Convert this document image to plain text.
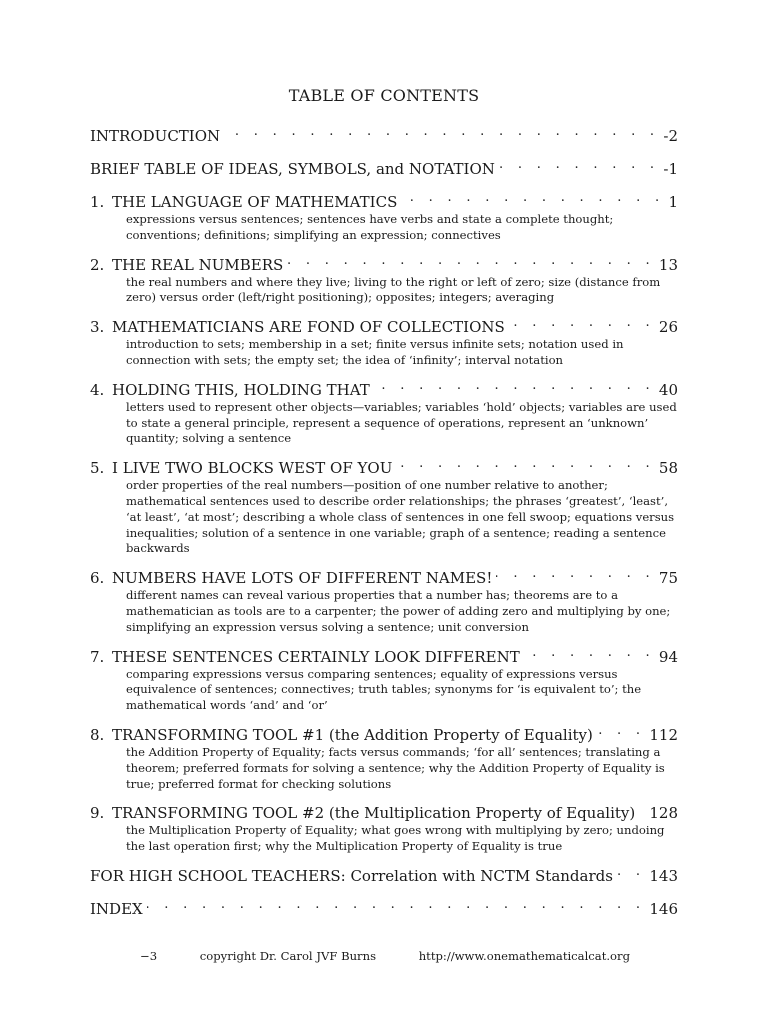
TABLE OF CONTENTS
INTRODUCTION . . .	-2
BRIEF TABLE OF IDEAS, SYMBOLS, and NOTATION . . .	-1
1. THE LANGUAGE OF MATHEMATICS . . .	1
expressions versus sentences; sentences have verbs and state a complete thought; conventions; definitions; simplifying an expression; connectives
2. THE REAL NUMBERS . . .	13
the real numbers and where they live; living to the right or left of zero; size (distance from zero) versus order (left/right positioning); opposites; integers; averaging
3. MATHEMATICIANS ARE FOND OF COLLECTIONS . . .	26
introduction to sets; membership in a set; finite versus infinite sets; notation used in connection with sets; the empty set; the idea of ‘infinity’; interval notation
4. HOLDING THIS, HOLDING THAT . . .	40
letters used to represent other objects—variables; variables ‘hold’ objects; variables are used to state a general principle, represent a sequence of operations, represent an ‘unknown’ quantity; solving a sentence
5. I LIVE TWO BLOCKS WEST OF YOU . . .	58
order properties of the real numbers—position of one number relative to another; mathematical sentences used to describe order relationships; the phrases ‘greatest’, ‘least’, ‘at least’, ‘at most’; describing a whole class of sentences in one fell swoop; equations versus inequalities; solution of a sentence in one variable; graph of a sentence; reading a sentence backwards
6. NUMBERS HAVE LOTS OF DIFFERENT NAMES! . . .	75
different names can reveal various properties that a number has; theorems are to a mathematician as tools are to a carpenter; the power of adding zero and multiplying by one; simplifying an expression versus solving a sentence; unit conversion
7. THESE SENTENCES CERTAINLY LOOK DIFFERENT . . .	94
comparing expressions versus comparing sentences; equality of expressions versus equivalence of sentences; connectives; truth tables; synonyms for ‘is equivalent to’; the mathematical words ‘and’ and ‘or’
8. TRANSFORMING TOOL #1 (the Addition Property of Equality) . . .	112
the Addition Property of Equality; facts versus commands; ‘for all’ sentences; translating a theorem; preferred formats for solving a sentence; why the Addition Property of Equality is true; preferred format for checking solutions
9. TRANSFORMING TOOL #2 (the Multiplication Property of Equality) . . . 128
the Multiplication Property of Equality; what goes wrong with multiplying by zero; undoing the last operation first; why the Multiplication Property of Equality is true
FOR HIGH SCHOOL TEACHERS: Correlation with NCTM Standards . . . 143
INDEX . . .	146
−3	copyright Dr. Carol JVF Burns	http://www.onemathematicalcat.org
